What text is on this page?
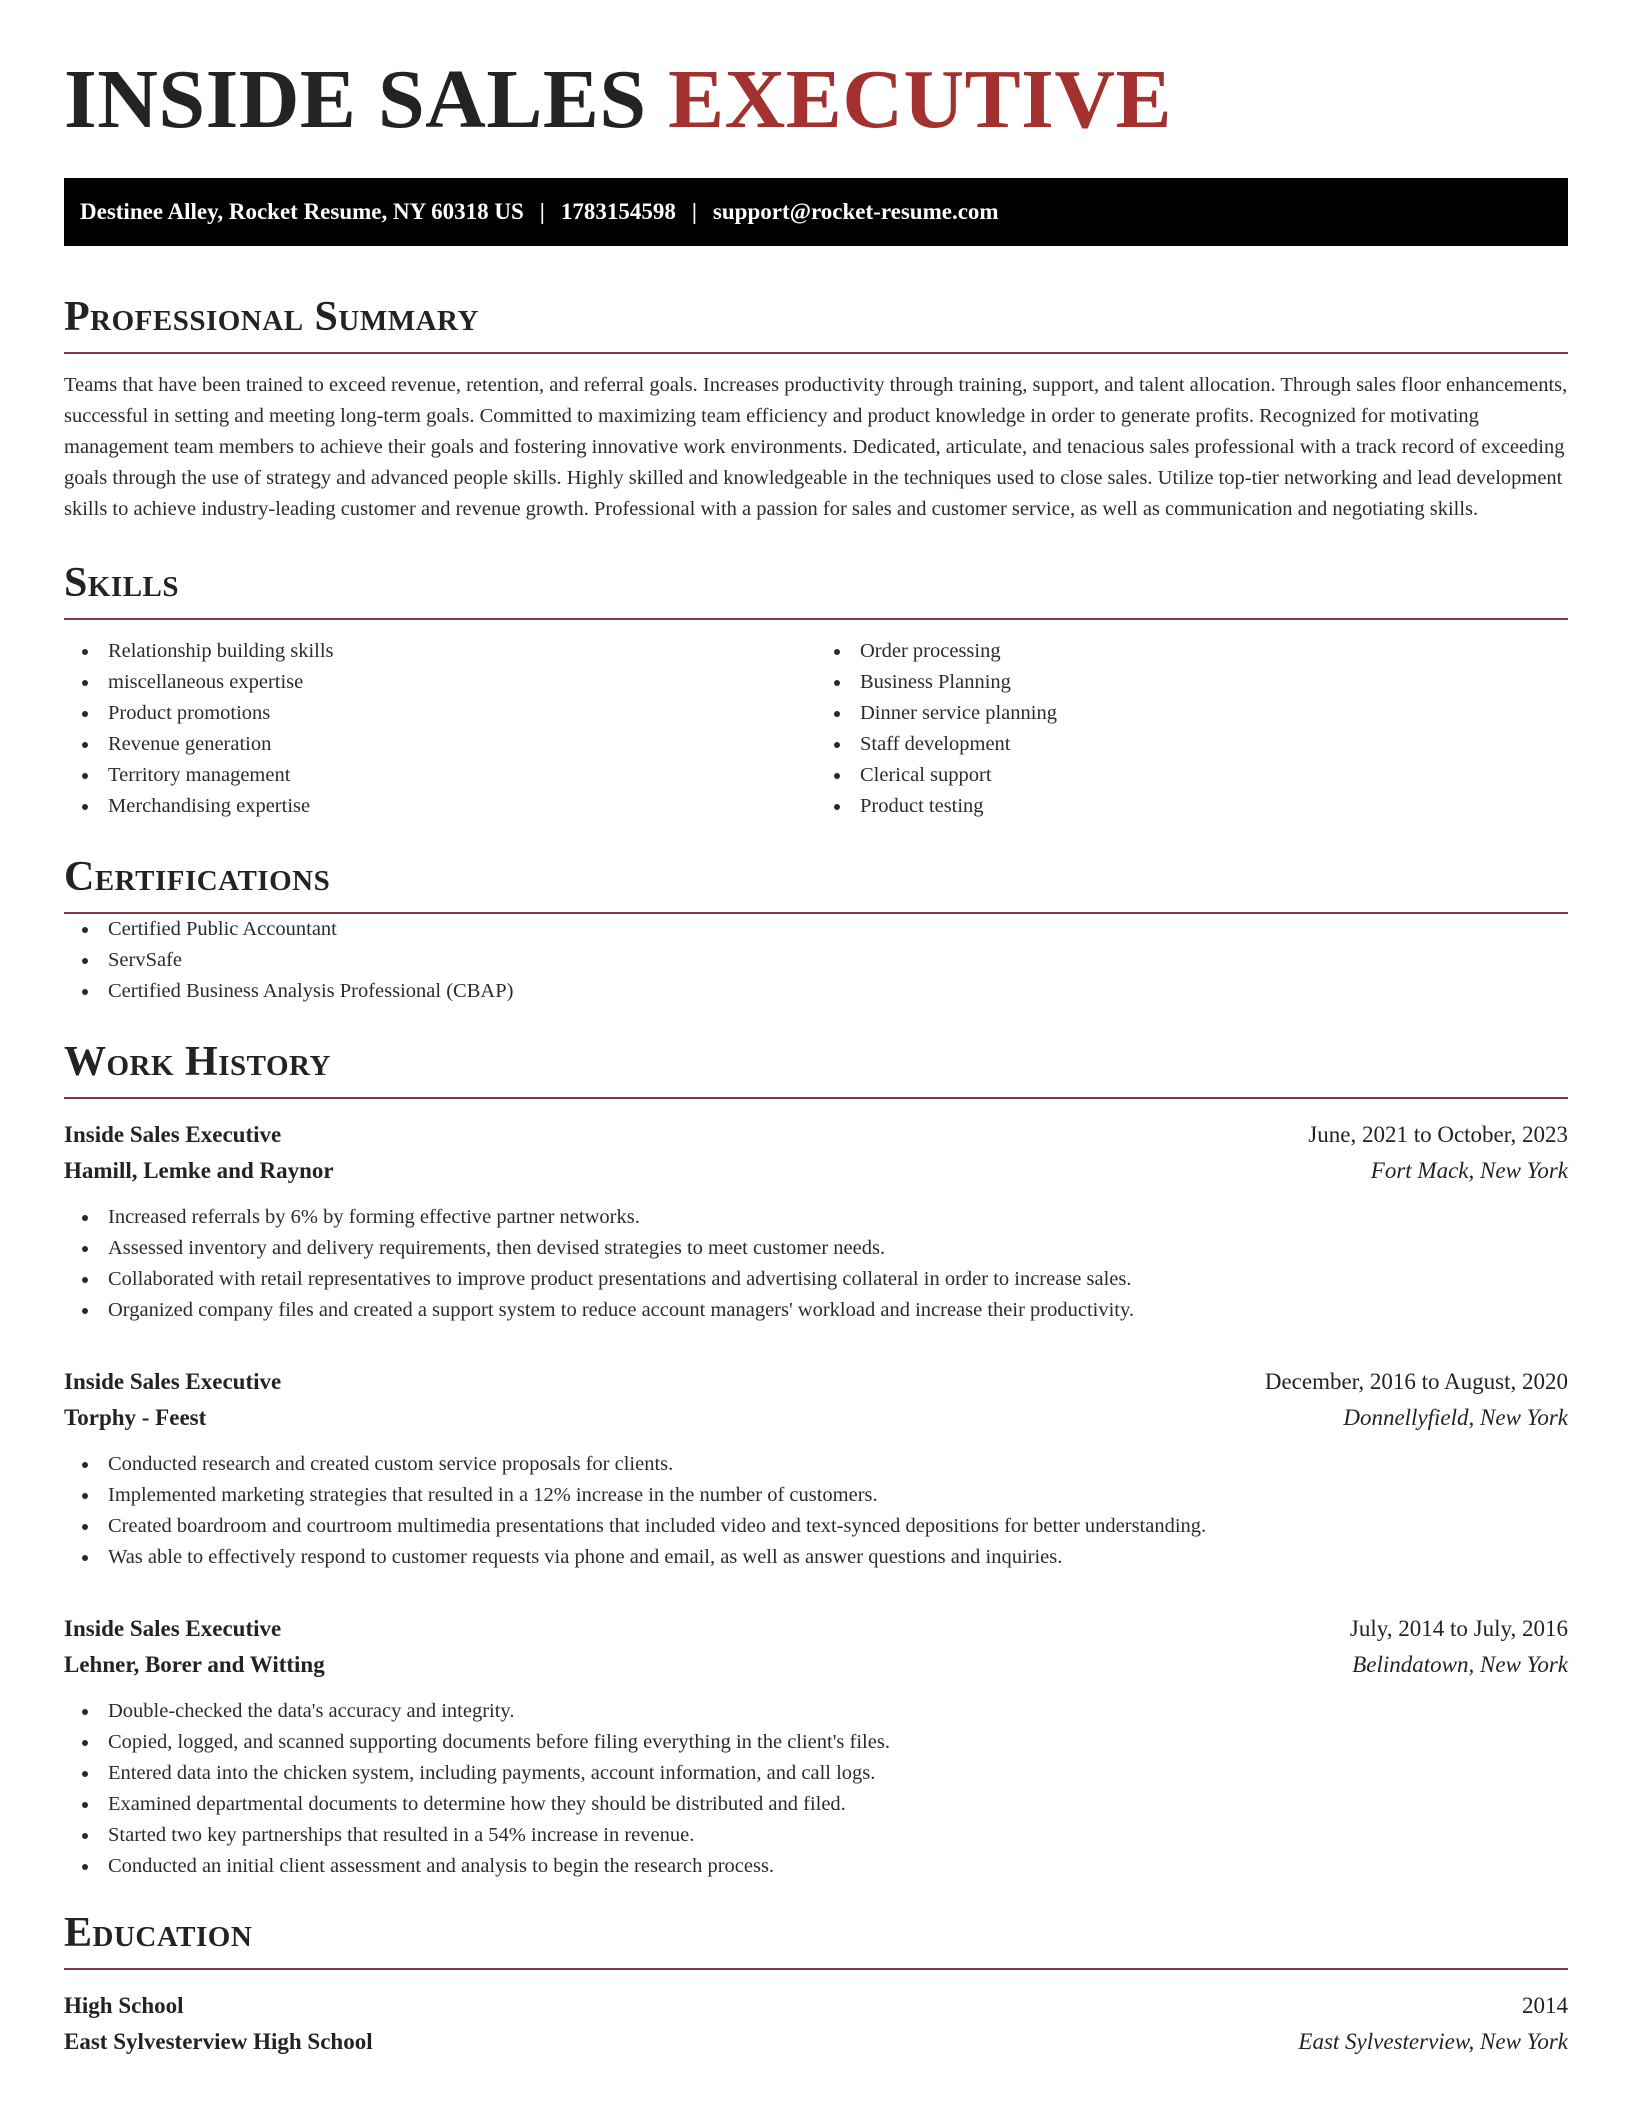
INSIDE SALES EXECUTIVE
Destinee Alley, Rocket Resume, NY 60318 US | 1783154598 | support@rocket-resume.com
Professional Summary

Teams that have been trained to exceed revenue, retention, and referral goals. Increases productivity through training, support, and talent allocation. Through sales floor enhancements, successful in setting and meeting long-term goals. Committed to maximizing team efficiency and product knowledge in order to generate profits. Recognized for motivating management team members to achieve their goals and fostering innovative work environments. Dedicated, articulate, and tenacious sales professional with a track record of exceeding goals through the use of strategy and advanced people skills. Highly skilled and knowledgeable in the techniques used to close sales. Utilize top-tier networking and lead development skills to achieve industry-leading customer and revenue growth. Professional with a passion for sales and customer service, as well as communication and negotiating skills.

Skills
Relationship building skills
miscellaneous expertise
Product promotions
Revenue generation
Territory management
Merchandising expertise
Order processing
Business Planning
Dinner service planning
Staff development
Clerical support
Product testing
Certifications
Certified Public Accountant
ServSafe
Certified Business Analysis Professional (CBAP)
Work History
Inside Sales Executive	June, 2021 to October, 2023
Hamill, Lemke and Raynor	Fort Mack, New York
Increased referrals by 6% by forming effective partner networks.
Assessed inventory and delivery requirements, then devised strategies to meet customer needs.
Collaborated with retail representatives to improve product presentations and advertising collateral in order to increase sales.
Organized company files and created a support system to reduce account managers' workload and increase their productivity.
Inside Sales Executive	December, 2016 to August, 2020
Torphy - Feest	Donnellyfield, New York
Conducted research and created custom service proposals for clients.
Implemented marketing strategies that resulted in a 12% increase in the number of customers.
Created boardroom and courtroom multimedia presentations that included video and text-synced depositions for better understanding.
Was able to effectively respond to customer requests via phone and email, as well as answer questions and inquiries.
Inside Sales Executive	July, 2014 to July, 2016
Lehner, Borer and Witting	Belindatown, New York
Double-checked the data's accuracy and integrity.
Copied, logged, and scanned supporting documents before filing everything in the client's files.
Entered data into the chicken system, including payments, account information, and call logs.
Examined departmental documents to determine how they should be distributed and filed.
Started two key partnerships that resulted in a 54% increase in revenue.
Conducted an initial client assessment and analysis to begin the research process.
Education
High School	2014
East Sylvesterview High School	East Sylvesterview, New York
